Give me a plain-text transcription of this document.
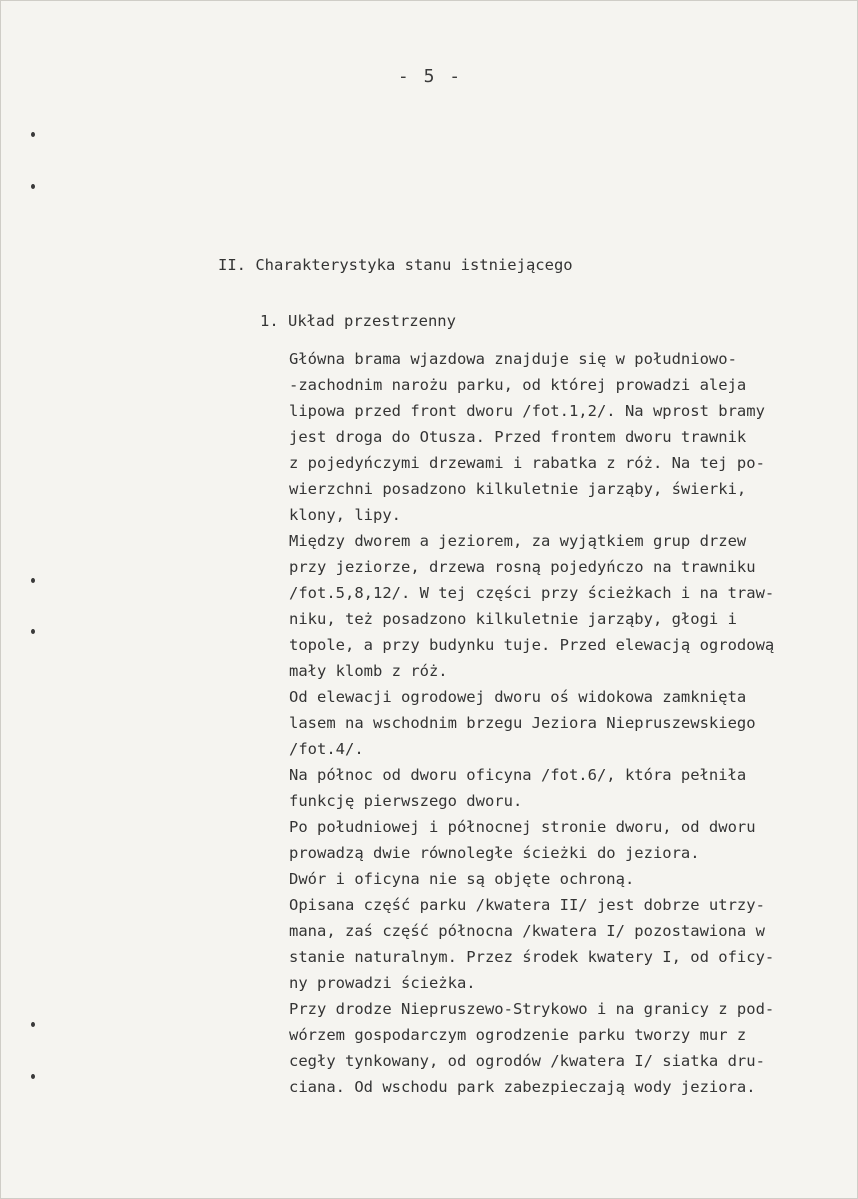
- 5 -
II. Charakterystyka stanu istniejącego
1. Układ przestrzenny
Główna brama wjazdowa znajduje się w południowo-
-zachodnim narożu parku, od której prowadzi aleja
lipowa przed front dworu /fot.1,2/. Na wprost bramy
jest droga do Otusza. Przed frontem dworu trawnik
z pojedyńczymi drzewami i rabatka z róż. Na tej po-
wierzchni posadzono kilkuletnie jarząby, świerki,
klony, lipy.
Między dworem a jeziorem, za wyjątkiem grup drzew
przy jeziorze, drzewa rosną pojedyńczo na trawniku
/fot.5,8,12/. W tej części przy ścieżkach i na traw-
niku, też posadzono kilkuletnie jarząby, głogi i
topole, a przy budynku tuje. Przed elewacją ogrodową
mały klomb z róż.
Od elewacji ogrodowej dworu oś widokowa zamknięta
lasem na wschodnim brzegu Jeziora Niepruszewskiego
/fot.4/.
Na północ od dworu oficyna /fot.6/, która pełniła
funkcję pierwszego dworu.
Po południowej i północnej stronie dworu, od dworu
prowadzą dwie równoległe ścieżki do jeziora.
Dwór i oficyna nie są objęte ochroną.
Opisana część parku /kwatera II/ jest dobrze utrzy-
mana, zaś część północna /kwatera I/ pozostawiona w
stanie naturalnym. Przez środek kwatery I, od oficy-
ny prowadzi ścieżka.
Przy drodze Niepruszewo-Strykowo i na granicy z pod-
wórzem gospodarczym ogrodzenie parku tworzy mur z
cegły tynkowany, od ogrodów /kwatera I/ siatka dru-
ciana. Od wschodu park zabezpieczają wody jeziora.
